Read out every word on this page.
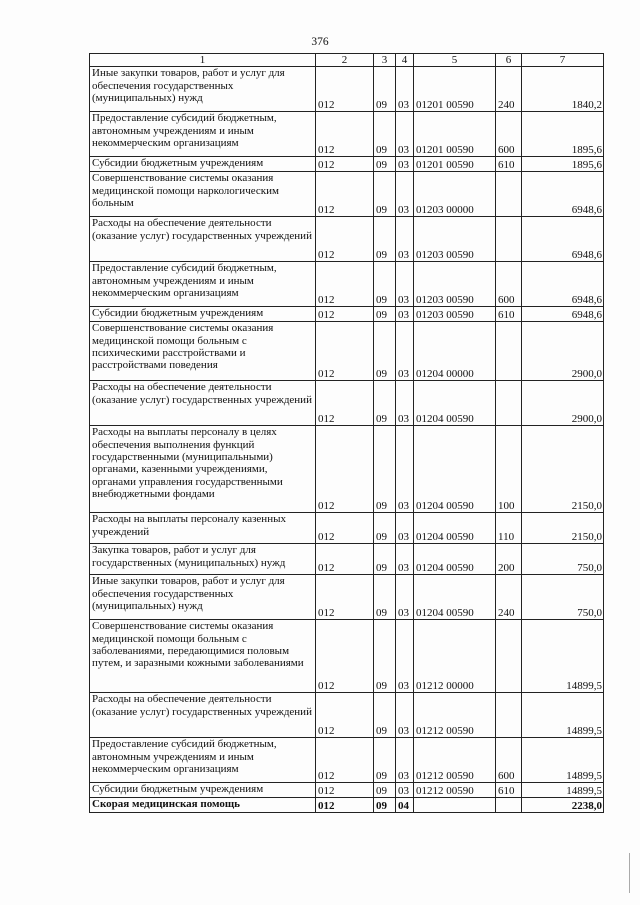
376
1	2	3	4	5	6	7
Иные закупки товаров, работ и услуг для обеспечения государственных (муниципальных) нужд	012	09	03	01201 00590	240	1840,2
Предоставление субсидий бюджетным, автономным учреждениям и иным некоммерческим организациям	012	09	03	01201 00590	600	1895,6
Субсидии бюджетным учреждениям	012	09	03	01201 00590	610	1895,6
Совершенствование системы оказания медицинской помощи наркологическим больным	012	09	03	01203 00000		6948,6
Расходы на обеспечение деятельности (оказание услуг) государственных учреждений	012	09	03	01203 00590		6948,6
Предоставление субсидий бюджетным, автономным учреждениям и иным некоммерческим организациям	012	09	03	01203 00590	600	6948,6
Субсидии бюджетным учреждениям	012	09	03	01203 00590	610	6948,6
Совершенствование системы оказания медицинской помощи больным с психическими расстройствами и расстройствами поведения	012	09	03	01204 00000		2900,0
Расходы на обеспечение деятельности (оказание услуг) государственных учреждений	012	09	03	01204 00590		2900,0
Расходы на выплаты персоналу в целях обеспечения выполнения функций государственными (муниципальными) органами, казенными учреждениями, органами управления государственными внебюджетными фондами	012	09	03	01204 00590	100	2150,0
Расходы на выплаты персоналу казенных учреждений	012	09	03	01204 00590	110	2150,0
Закупка товаров, работ и услуг для государственных (муниципальных) нужд	012	09	03	01204 00590	200	750,0
Иные закупки товаров, работ и услуг для обеспечения государственных (муниципальных) нужд	012	09	03	01204 00590	240	750,0
Совершенствование системы оказания медицинской помощи больным с заболеваниями, передающимися половым путем, и заразными кожными заболеваниями	012	09	03	01212 00000		14899,5
Расходы на обеспечение деятельности (оказание услуг) государственных учреждений	012	09	03	01212 00590		14899,5
Предоставление субсидий бюджетным, автономным учреждениям и иным некоммерческим организациям	012	09	03	01212 00590	600	14899,5
Субсидии бюджетным учреждениям	012	09	03	01212 00590	610	14899,5
Скорая медицинская помощь	012	09	04			2238,0
